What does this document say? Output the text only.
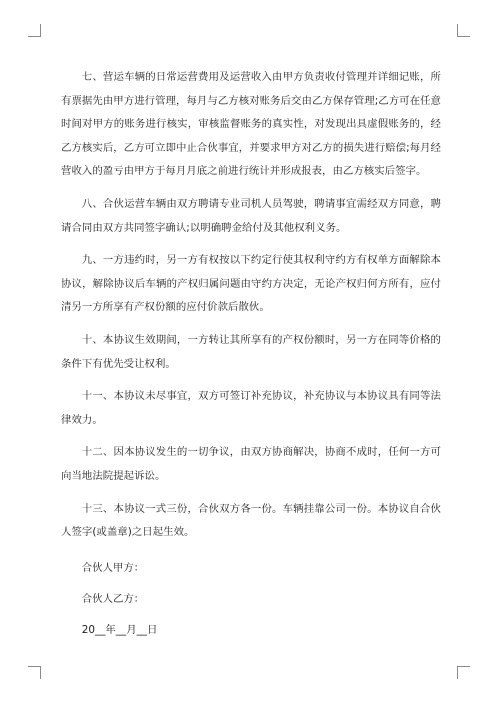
七、营运车辆的日常运营费用及运营收入由甲方负责收付管理并详细记账，所有票据先由甲方进行管理，每月与乙方核对账务后交由乙方保存管理;乙方可在任意时间对甲方的账务进行核实，审核监督账务的真实性，对发现出具虚假账务的，经乙方核实后，乙方可立即中止合伙事宜，并要求甲方对乙方的损失进行赔偿;每月经营收入的盈亏由甲方于每月月底之前进行统计并形成报表，由乙方核实后签字。

八、合伙运营车辆由双方聘请专业司机人员驾驶，聘请事宜需经双方同意，聘请合同由双方共同签字确认;以明确聘金给付及其他权利义务。

九、一方违约时，另一方有权按以下约定行使其权利守约方有权单方面解除本协议，解除协议后车辆的产权归属问题由守约方决定，无论产权归何方所有，应付清另一方所享有产权份额的应付价款后散伙。

十、本协议生效期间，一方转让其所享有的产权份额时，另一方在同等价格的条件下有优先受让权利。

十一、本协议未尽事宜，双方可签订补充协议，补充协议与本协议具有同等法律效力。

十二、因本协议发生的一切争议，由双方协商解决，协商不成时，任何一方可向当地法院提起诉讼。

十三、本协议一式三份，合伙双方各一份。车辆挂靠公司一份。本协议自合伙人签字(或盖章)之日起生效。

合伙人甲方：

合伙人乙方：

20__年__月__日
